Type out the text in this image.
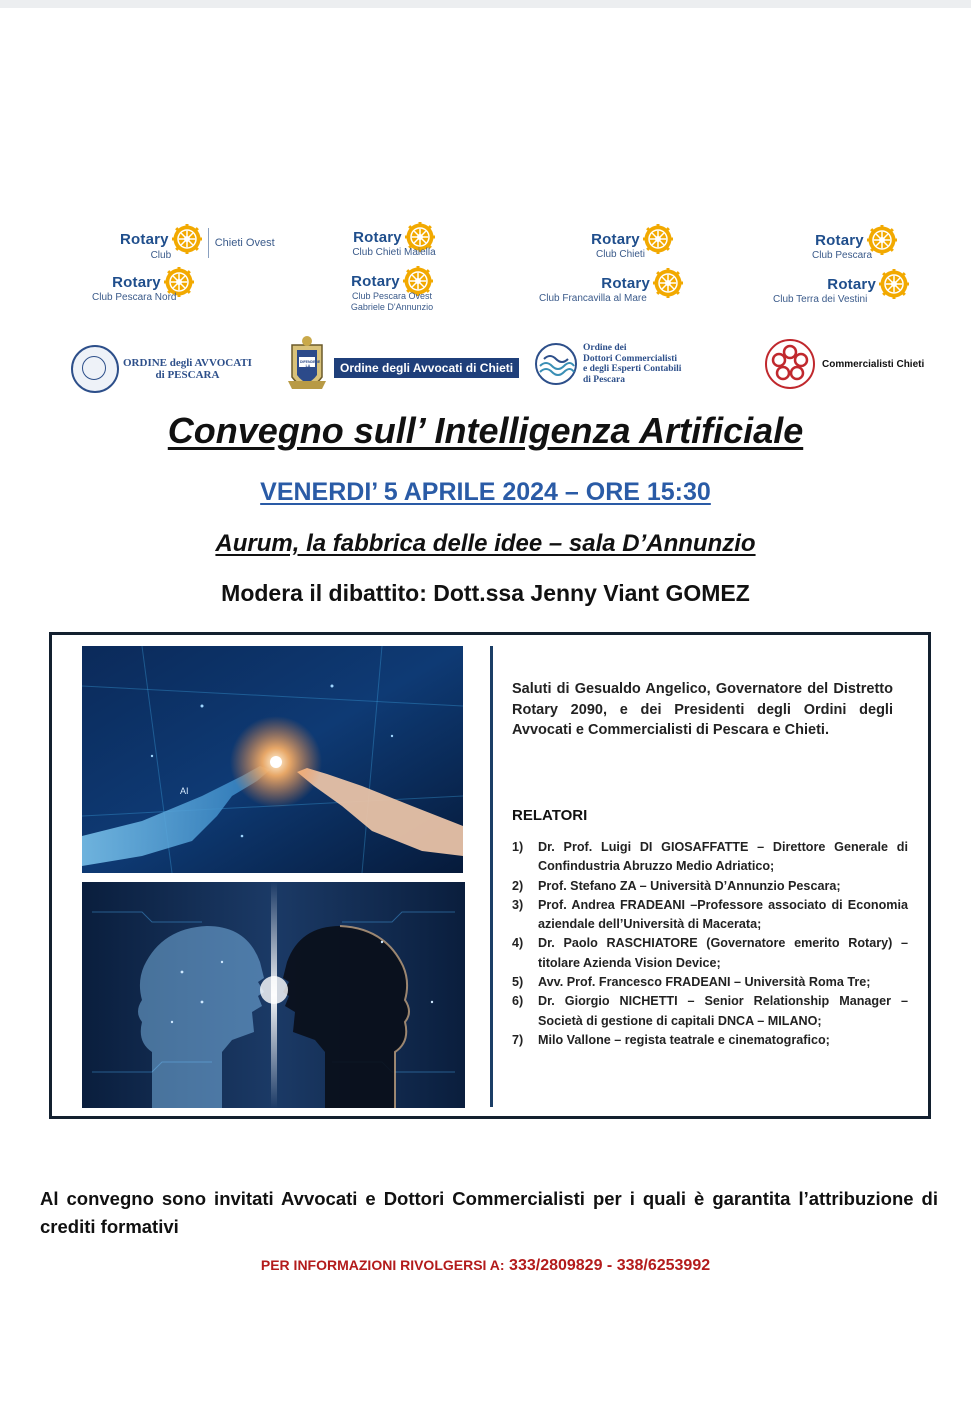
Rotary
Club
Chieti Ovest	Rotary
Club Chieti Maiella
Rotary
Club Chieti
Rotary
Club Pescara
Rotary
Club Pescara Nord
Rotary
Club Pescara Ovest
Gabriele D'Annunzio
Rotary
Club Francavilla al Mare
Rotary
Club Terra dei Vestini
ORDINE degli AVVOCATI
di PESCARA
DIFENDERE LA TUTELA	Ordine degli Avvocati di Chieti
Ordine dei
Dottori Commercialisti
e degli Esperti Contabili
di Pescara
Commercialisti Chieti
Convegno sull’ Intelligenza Artificiale
VENERDI’ 5 APRILE 2024 – ORE 15:30
Aurum, la fabbrica delle idee – sala D’Annunzio
Modera il dibattito: Dott.ssa Jenny Viant GOMEZ
AI
Saluti di Gesualdo Angelico, Governatore del Distretto Rotary 2090, e dei Presidenti degli Ordini degli Avvocati e Commercialisti di Pescara e Chieti.
RELATORI
1) Dr. Prof. Luigi DI GIOSAFFATTE – Direttore Generale di Confindustria Abruzzo Medio Adriatico;
2) Prof. Stefano ZA – Università D’Annunzio Pescara;
3) Prof. Andrea FRADEANI –Professore associato di Economia aziendale dell’Università di Macerata;
4) Dr. Paolo RASCHIATORE (Governatore emerito Rotary) – titolare Azienda Vision Device;
5) Avv. Prof. Francesco FRADEANI – Università Roma Tre;
6) Dr. Giorgio NICHETTI – Senior Relationship Manager – Società di gestione di capitali DNCA – MILANO;
7) Milo Vallone – regista teatrale e cinematografico;
Al convegno sono invitati Avvocati e Dottori Commercialisti per i quali è garantita l’attribuzione di crediti formativi
PER INFORMAZIONI RIVOLGERSI A: 333/2809829 - 338/6253992
